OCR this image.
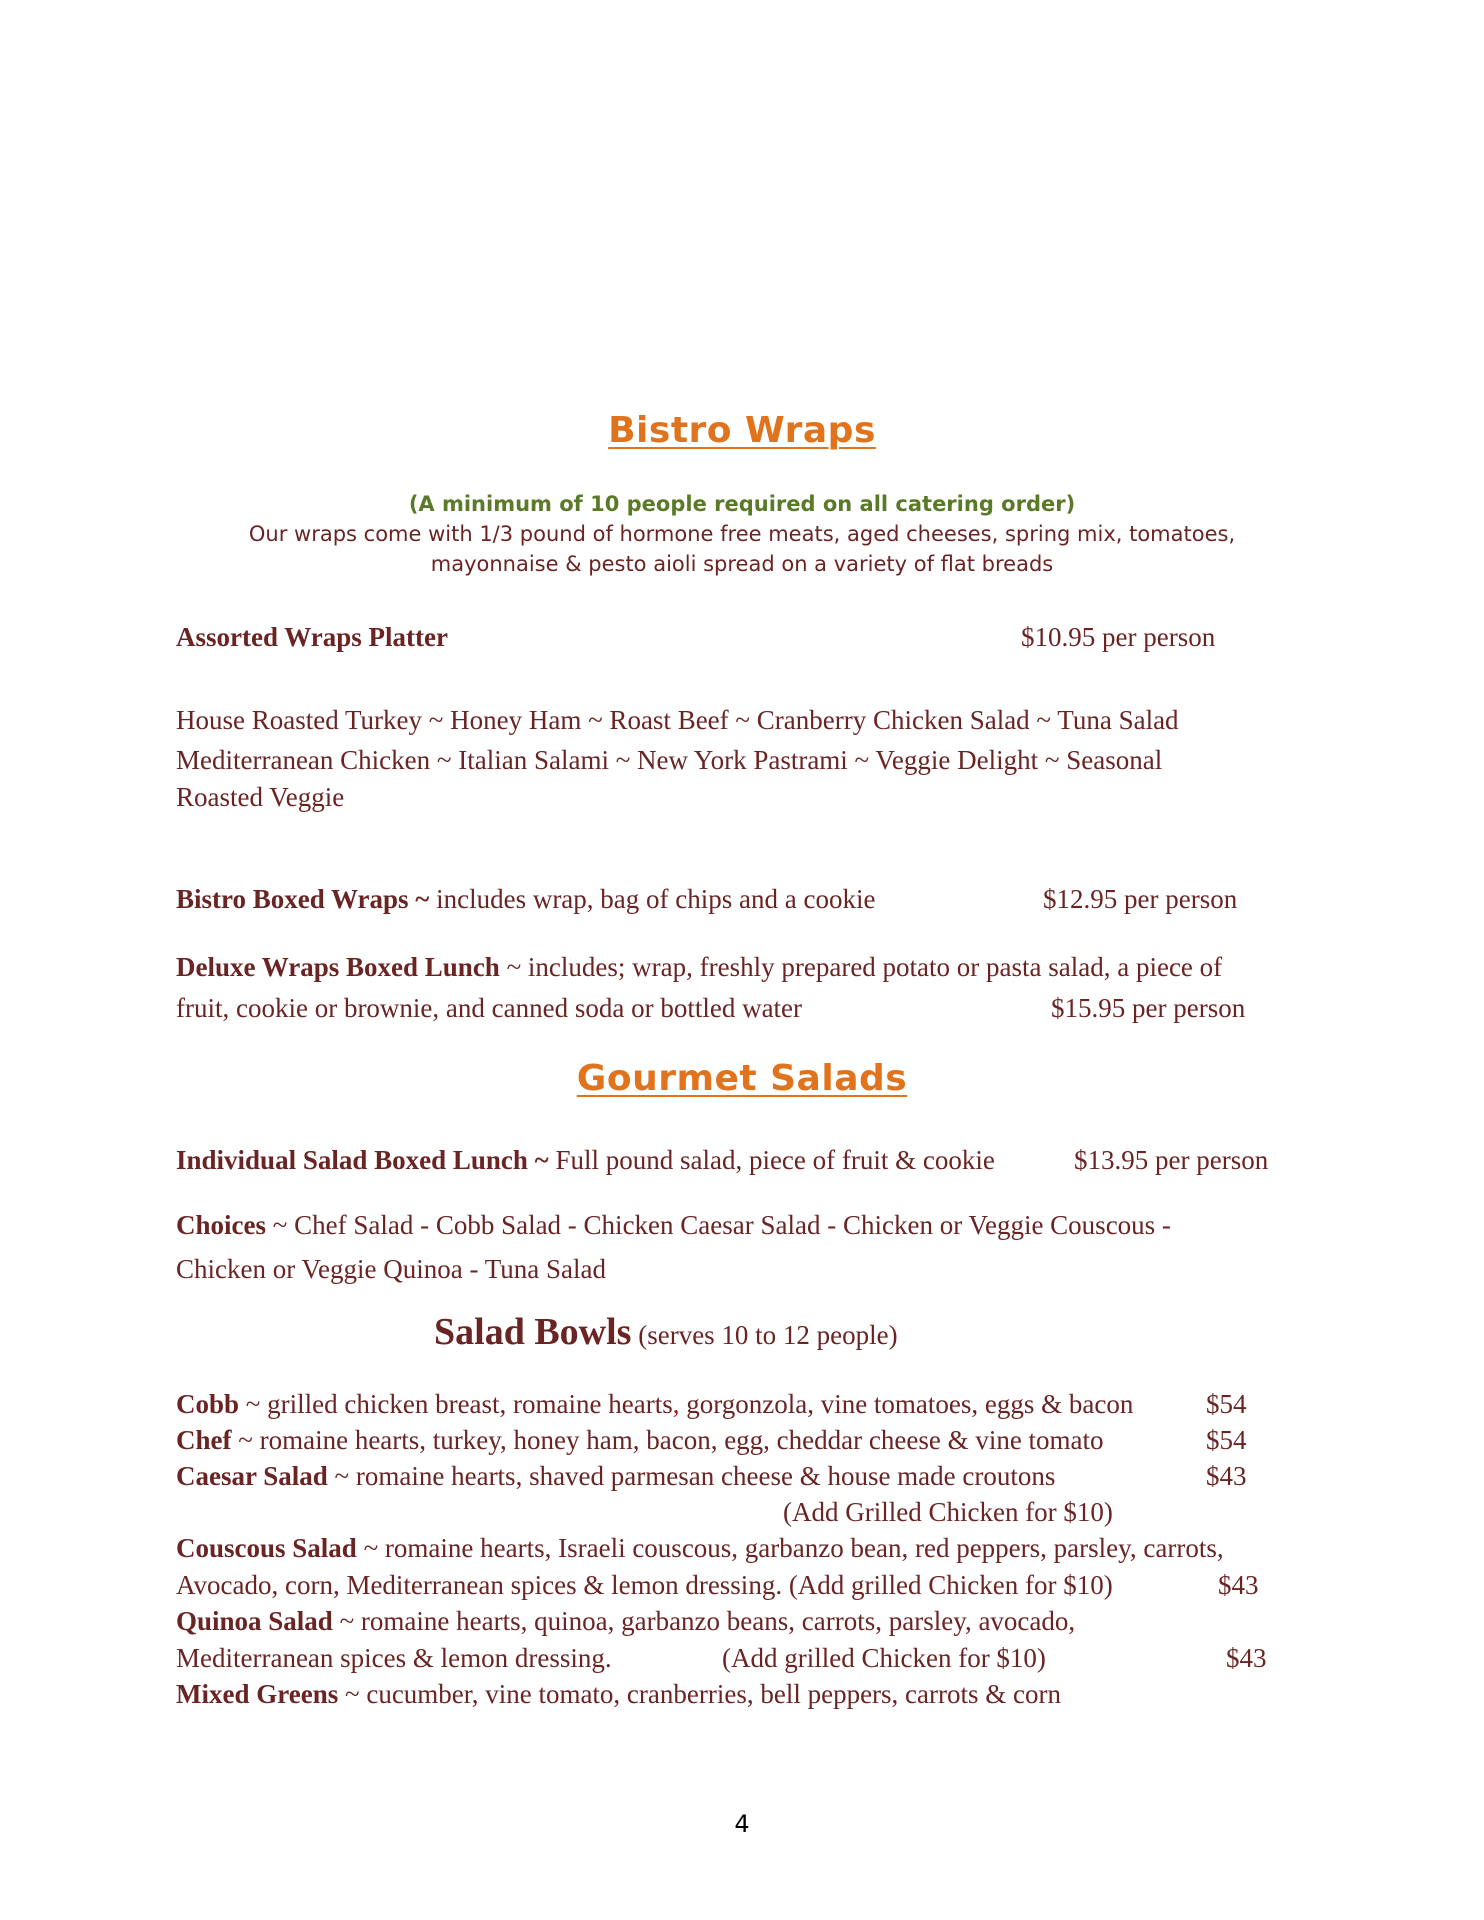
Bistro Wraps
(A minimum of 10 people required on all catering order)
Our wraps come with 1/3 pound of hormone free meats, aged cheeses, spring mix, tomatoes,
mayonnaise & pesto aioli spread on a variety of flat breads
Assorted Wraps Platter	$10.95 per person
House Roasted Turkey ~ Honey Ham ~ Roast Beef ~ Cranberry Chicken Salad ~ Tuna Salad
Mediterranean Chicken ~ Italian Salami ~ New York Pastrami ~ Veggie Delight ~ Seasonal
Roasted Veggie
Bistro Boxed Wraps ~ includes wrap, bag of chips and a cookie	$12.95 per person
Deluxe Wraps Boxed Lunch ~ includes; wrap, freshly prepared potato or pasta salad, a piece of
fruit, cookie or brownie, and canned soda or bottled water	$15.95 per person
Gourmet Salads
Individual Salad Boxed Lunch ~ Full pound salad, piece of fruit & cookie	$13.95 per person
Choices ~ Chef Salad - Cobb Salad - Chicken Caesar Salad - Chicken or Veggie Couscous -
Chicken or Veggie Quinoa - Tuna Salad
Salad Bowls (serves 10 to 12 people)
Cobb ~ grilled chicken breast, romaine hearts, gorgonzola, vine tomatoes, eggs & bacon	$54
Chef ~ romaine hearts, turkey, honey ham, bacon, egg, cheddar cheese & vine tomato	$54
Caesar Salad ~ romaine hearts, shaved parmesan cheese & house made croutons	$43
(Add Grilled Chicken for $10)
Couscous Salad ~ romaine hearts, Israeli couscous, garbanzo bean, red peppers, parsley, carrots,
Avocado, corn, Mediterranean spices & lemon dressing. (Add grilled Chicken for $10)	$43
Quinoa Salad ~ romaine hearts, quinoa, garbanzo beans, carrots, parsley, avocado,
Mediterranean spices & lemon dressing.	(Add grilled Chicken for $10)	$43
Mixed Greens ~ cucumber, vine tomato, cranberries, bell peppers, carrots & corn
4
